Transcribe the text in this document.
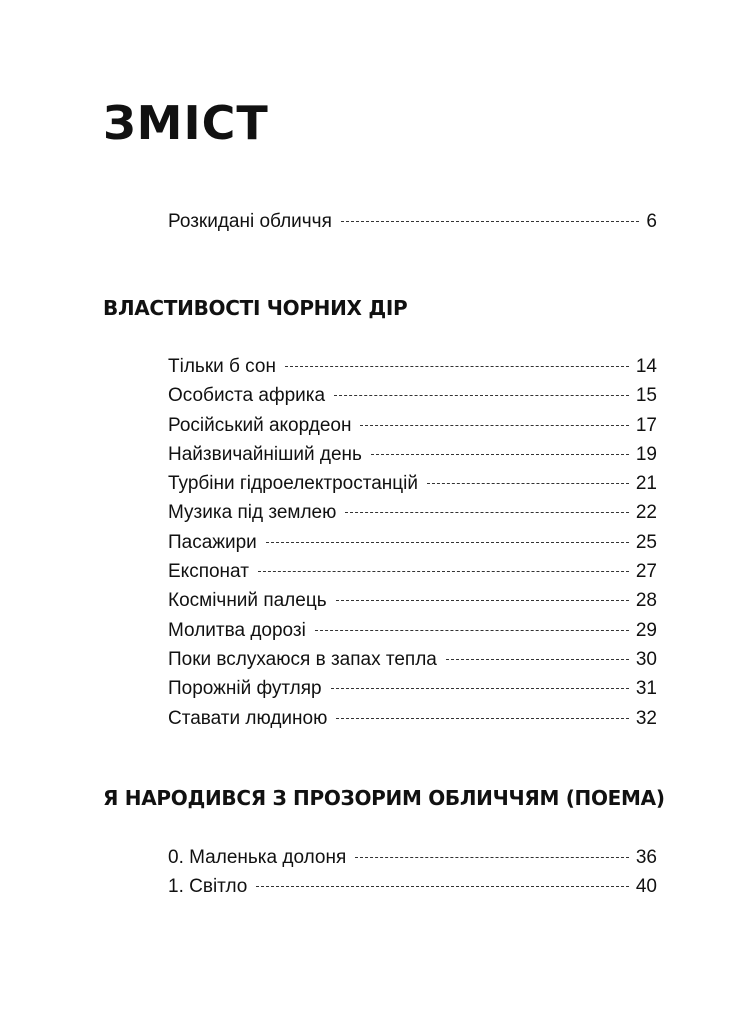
ЗМІСТ
Розкидані обличчя	6
ВЛАСТИВОСТІ ЧОРНИХ ДІР
Тільки б сон	14
Особиста африка	15
Російський акордеон	17
Найзвичайніший день	19
Турбіни гідроелектростанцій	21
Музика під землею	22
Пасажири	25
Експонат	27
Космічний палець	28
Молитва дорозі	29
Поки вслухаюся в запах тепла	30
Порожній футляр	31
Ставати людиною	32
Я НАРОДИВСЯ З ПРОЗОРИМ ОБЛИЧЧЯМ (ПОЕМА)
0. Маленька долоня	36
1. Світло	40
